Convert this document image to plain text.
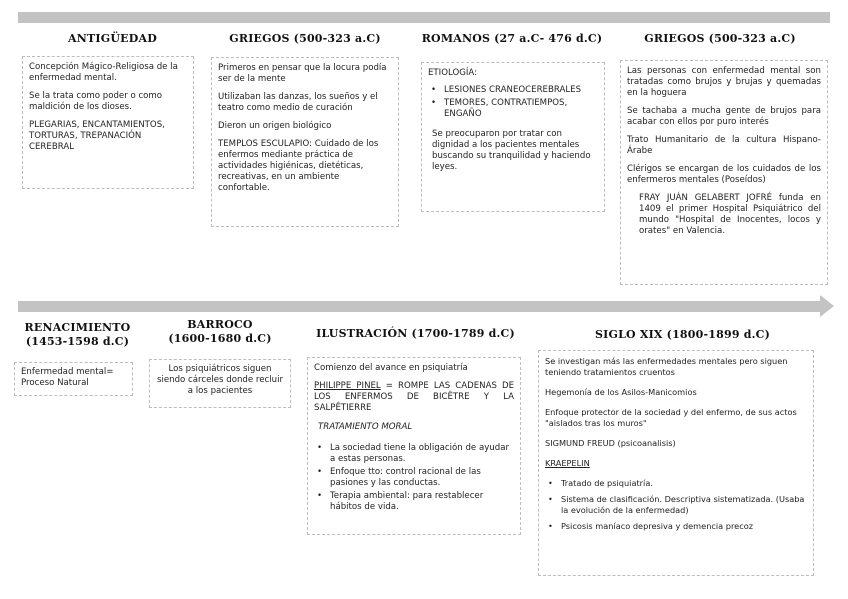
ANTIGÜEDAD

Concepción Mágico-Religiosa de la enfermedad mental.

Se la trata como poder o como maldición de los dioses.

PLEGARIAS, ENCANTAMIENTOS, TORTURAS, TREPANACIÓN CEREBRAL

GRIEGOS (500-323 a.C)

Primeros en pensar que la locura podía ser de la mente

Utilizaban las danzas, los sueños y el teatro como medio de curación

Dieron un origen biológico

TEMPLOS ESCULAPIO: Cuidado de los enfermos mediante práctica de actividades higiénicas, dietéticas, recreativas, en un ambiente confortable.

ROMANOS (27 a.C- 476 d.C)

ETIOLOGÍA:

• LESIONES CRANEOCEREBRALES
• TEMORES, CONTRATIEMPOS, ENGAÑO

Se preocuparon por tratar con dignidad a los pacientes mentales buscando su tranquilidad y haciendo leyes.

GRIEGOS (500-323 a.C)

Las personas con enfermedad mental son tratadas como brujos y brujas y quemadas en la hoguera

Se tachaba a mucha gente de brujos para acabar con ellos por puro interés

Trato Humanitario de la cultura Hispano-Árabe

Clérigos se encargan de los cuidados de los enfermeros mentales (Poseídos)

FRAY JUÁN GELABERT JOFRÉ funda en 1409 el primer Hospital Psiquiátrico del mundo "Hospital de Inocentes, locos y orates" en Valencia.

RENACIMIENTO
(1453-1598 d.C)

Enfermedad mental= Proceso Natural

BARROCO
(1600-1680 d.C)

Los psiquiátricos siguen siendo cárceles donde recluir a los pacientes

ILUSTRACIÓN (1700-1789 d.C)

Comienzo del avance en psiquiatría

PHILIPPE PINEL = ROMPE LAS CADENAS DE LOS ENFERMOS DE BICÊTRE Y LA SALPÊTIERRE

TRATAMIENTO MORAL

• La sociedad tiene la obligación de ayudar a estas personas.
• Enfoque tto: control racional de las pasiones y las conductas.
• Terapia ambiental: para restablecer hábitos de vida.
SIGLO XIX (1800-1899 d.C)

Se investigan más las enfermedades mentales pero siguen teniendo tratamientos cruentos

Hegemonía de los Asilos-Manicomios

Enfoque protector de la sociedad y del enfermo, de sus actos "aislados tras los muros"

SIGMUND FREUD (psicoanalisis)

KRAEPELIN

• Tratado de psiquiatría.
• Sistema de clasificación. Descriptiva sistematizada. (Usaba la evolución de la enfermedad)
• Psicosis maníaco depresiva y demencia precoz
